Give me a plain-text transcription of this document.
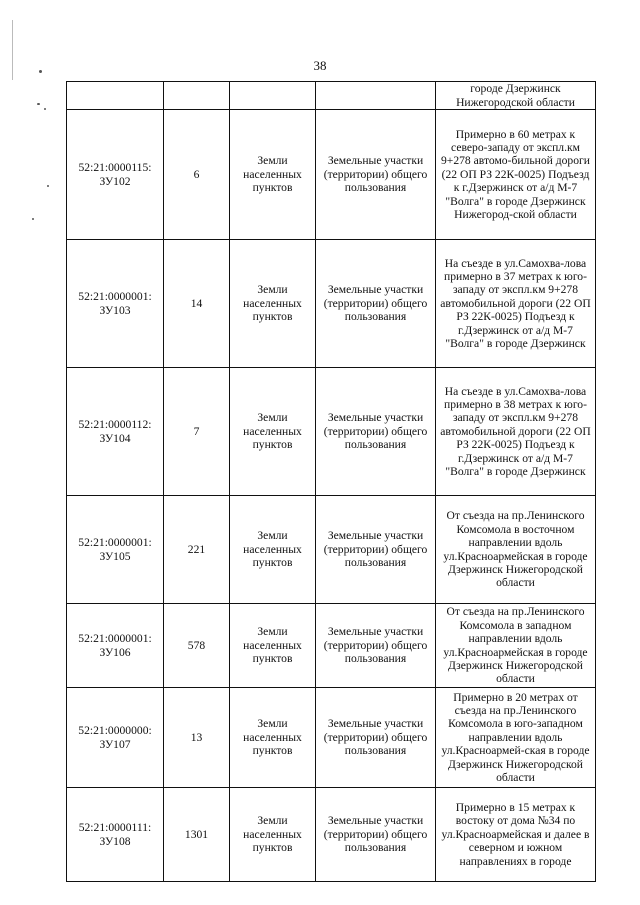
38
				городе Дзержинск Нижегородской области

52:21:0000115:
ЗУ102	6	Земли населенных пунктов	Земельные участки (территории) общего пользования	Примерно в 60 метрах к северо-западу от экспл.км 9+278 автомо-бильной дороги (22 ОП РЗ 22К-0025) Подъезд к г.Дзержинск от а/д М-7 "Волга" в городе Дзержинск Нижегород-ской области

52:21:0000001:
ЗУ103	14	Земли населенных пунктов	Земельные участки (территории) общего пользования	На съезде в ул.Самохва-лова примерно в 37 метрах к юго-западу от экспл.км 9+278 автомобильной дороги (22 ОП РЗ 22К-0025) Подъезд к г.Дзержинск от а/д М-7 "Волга" в городе Дзержинск

52:21:0000112:
ЗУ104	7	Земли населенных пунктов	Земельные участки (территории) общего пользования	На съезде в ул.Самохва-лова примерно в 38 метрах к юго-западу от экспл.км 9+278 автомобильной дороги (22 ОП РЗ 22К-0025) Подъезд к г.Дзержинск от а/д М-7 "Волга" в городе Дзержинск

52:21:0000001:
ЗУ105	221	Земли населенных пунктов	Земельные участки (территории) общего пользования	От съезда на пр.Ленинского Комсомола в восточном направлении вдоль ул.Красноармейская в городе Дзержинск Нижегородской области

52:21:0000001:
ЗУ106	578	Земли населенных пунктов	Земельные участки (территории) общего пользования	От съезда на пр.Ленинского Комсомола в западном направлении вдоль ул.Красноармейская в городе Дзержинск Нижегородской области

52:21:0000000:
ЗУ107	13	Земли населенных пунктов	Земельные участки (территории) общего пользования	Примерно в 20 метрах от съезда на пр.Ленинского Комсомола в юго-западном направлении вдоль ул.Красноармей-ская в городе Дзержинск Нижегородской области

52:21:0000111:
ЗУ108	1301	Земли населенных пунктов	Земельные участки (территории) общего пользования	Примерно в 15 метрах к востоку от дома №34 по ул.Красноармейская и далее в северном и южном направлениях в городе
